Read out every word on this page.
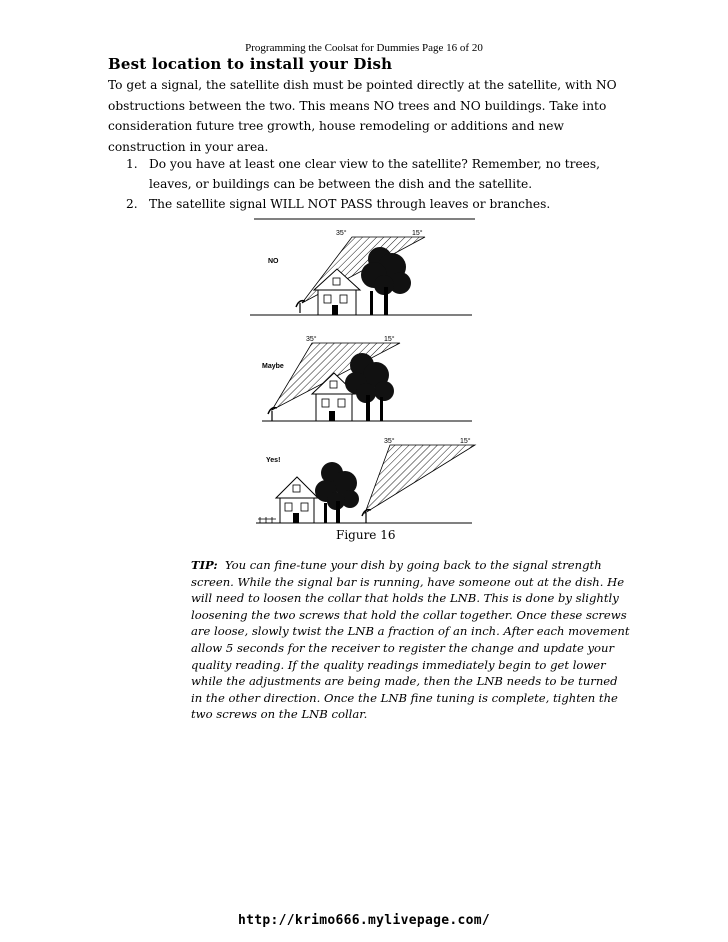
Programming the Coolsat for Dummies Page 16 of 20
Best location to install your Dish
To get a signal, the satellite dish must be pointed directly at the satellite, with NO obstructions between the two. This means NO trees and NO buildings. Take into consideration future tree growth, house remodeling or additions and new construction in your area.
1. Do you have at least one clear view to the satellite? Remember, no trees, leaves, or buildings can be between the dish and the satellite.
2. The satellite signal WILL NOT PASS through leaves or branches.
35°	15°
NO
35°	15°
Maybe
35°	15°
Yes!
Figure 16
TIP: You can fine-tune your dish by going back to the signal strength screen. While the signal bar is running, have someone out at the dish. He will need to loosen the collar that holds the LNB. This is done by slightly loosening the two screws that hold the collar together. Once these screws are loose, slowly twist the LNB a fraction of an inch. After each movement allow 5 seconds for the receiver to register the change and update your quality reading. If the quality readings immediately begin to get lower while the adjustments are being made, then the LNB needs to be turned in the other direction. Once the LNB fine tuning is complete, tighten the two screws on the LNB collar.
http://krimo666.mylivepage.com/
